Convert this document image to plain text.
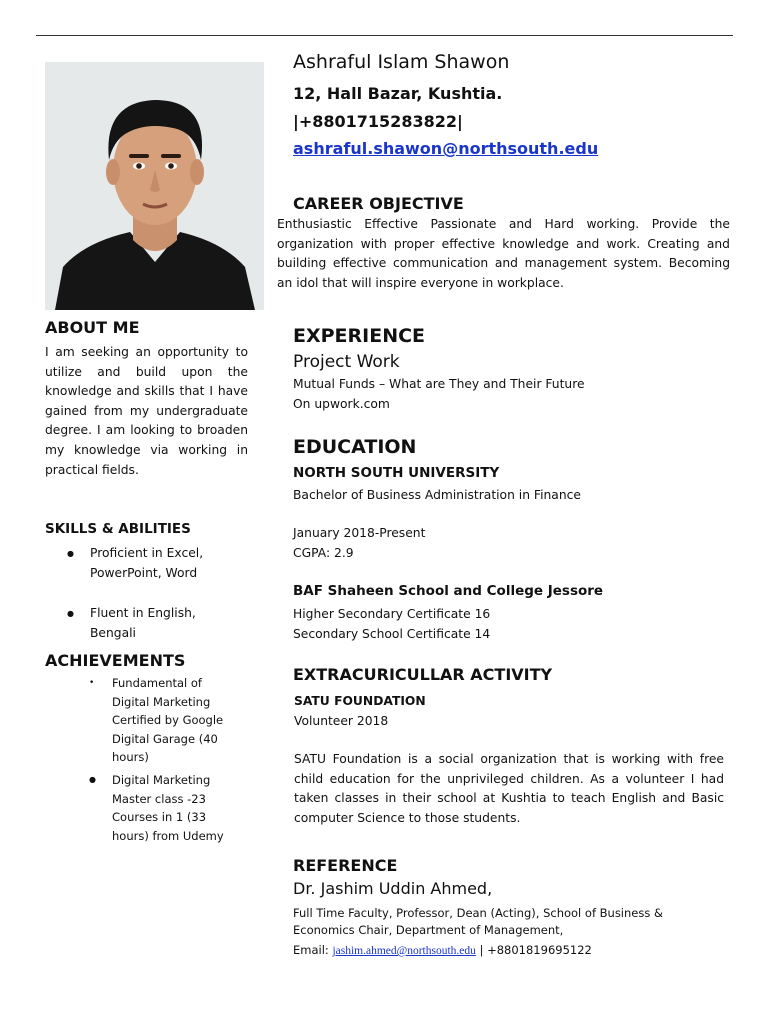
Ashraful Islam Shawon
12, Hall Bazar, Kushtia.
|+8801715283822|
ashraful.shawon@northsouth.edu
CAREER OBJECTIVE
Enthusiastic Effective Passionate and Hard working. Provide the organization with proper effective knowledge and work. Creating and building effective communication and management system. Becoming an idol that will inspire everyone in workplace.
ABOUT ME
I am seeking an opportunity to utilize and build upon the knowledge and skills that I have gained from my undergraduate degree. I am looking to broaden my knowledge via working in practical fields.
SKILLS & ABILITIES
● Proficient in Excel, PowerPoint, Word
● Fluent in English, Bengali
ACHIEVEMENTS
• Fundamental of Digital Marketing Certified by Google Digital Garage (40 hours)
● Digital Marketing Master class -23 Courses in 1 (33 hours) from Udemy
EXPERIENCE
Project Work
Mutual Funds – What are They and Their Future
On upwork.com
EDUCATION
NORTH SOUTH UNIVERSITY
Bachelor of Business Administration in Finance
January 2018-Present
CGPA: 2.9
BAF Shaheen School and College Jessore
Higher Secondary Certificate 16
Secondary School Certificate 14
EXTRACURICULLAR ACTIVITY
SATU FOUNDATION
Volunteer 2018
SATU Foundation is a social organization that is working with free child education for the unprivileged children. As a volunteer I had taken classes in their school at Kushtia to teach English and Basic computer Science to those students.
REFERENCE
Dr. Jashim Uddin Ahmed,
Full Time Faculty, Professor, Dean (Acting), School of Business & Economics Chair, Department of Management,
Email: jashim.ahmed@northsouth.edu | +8801819695122
